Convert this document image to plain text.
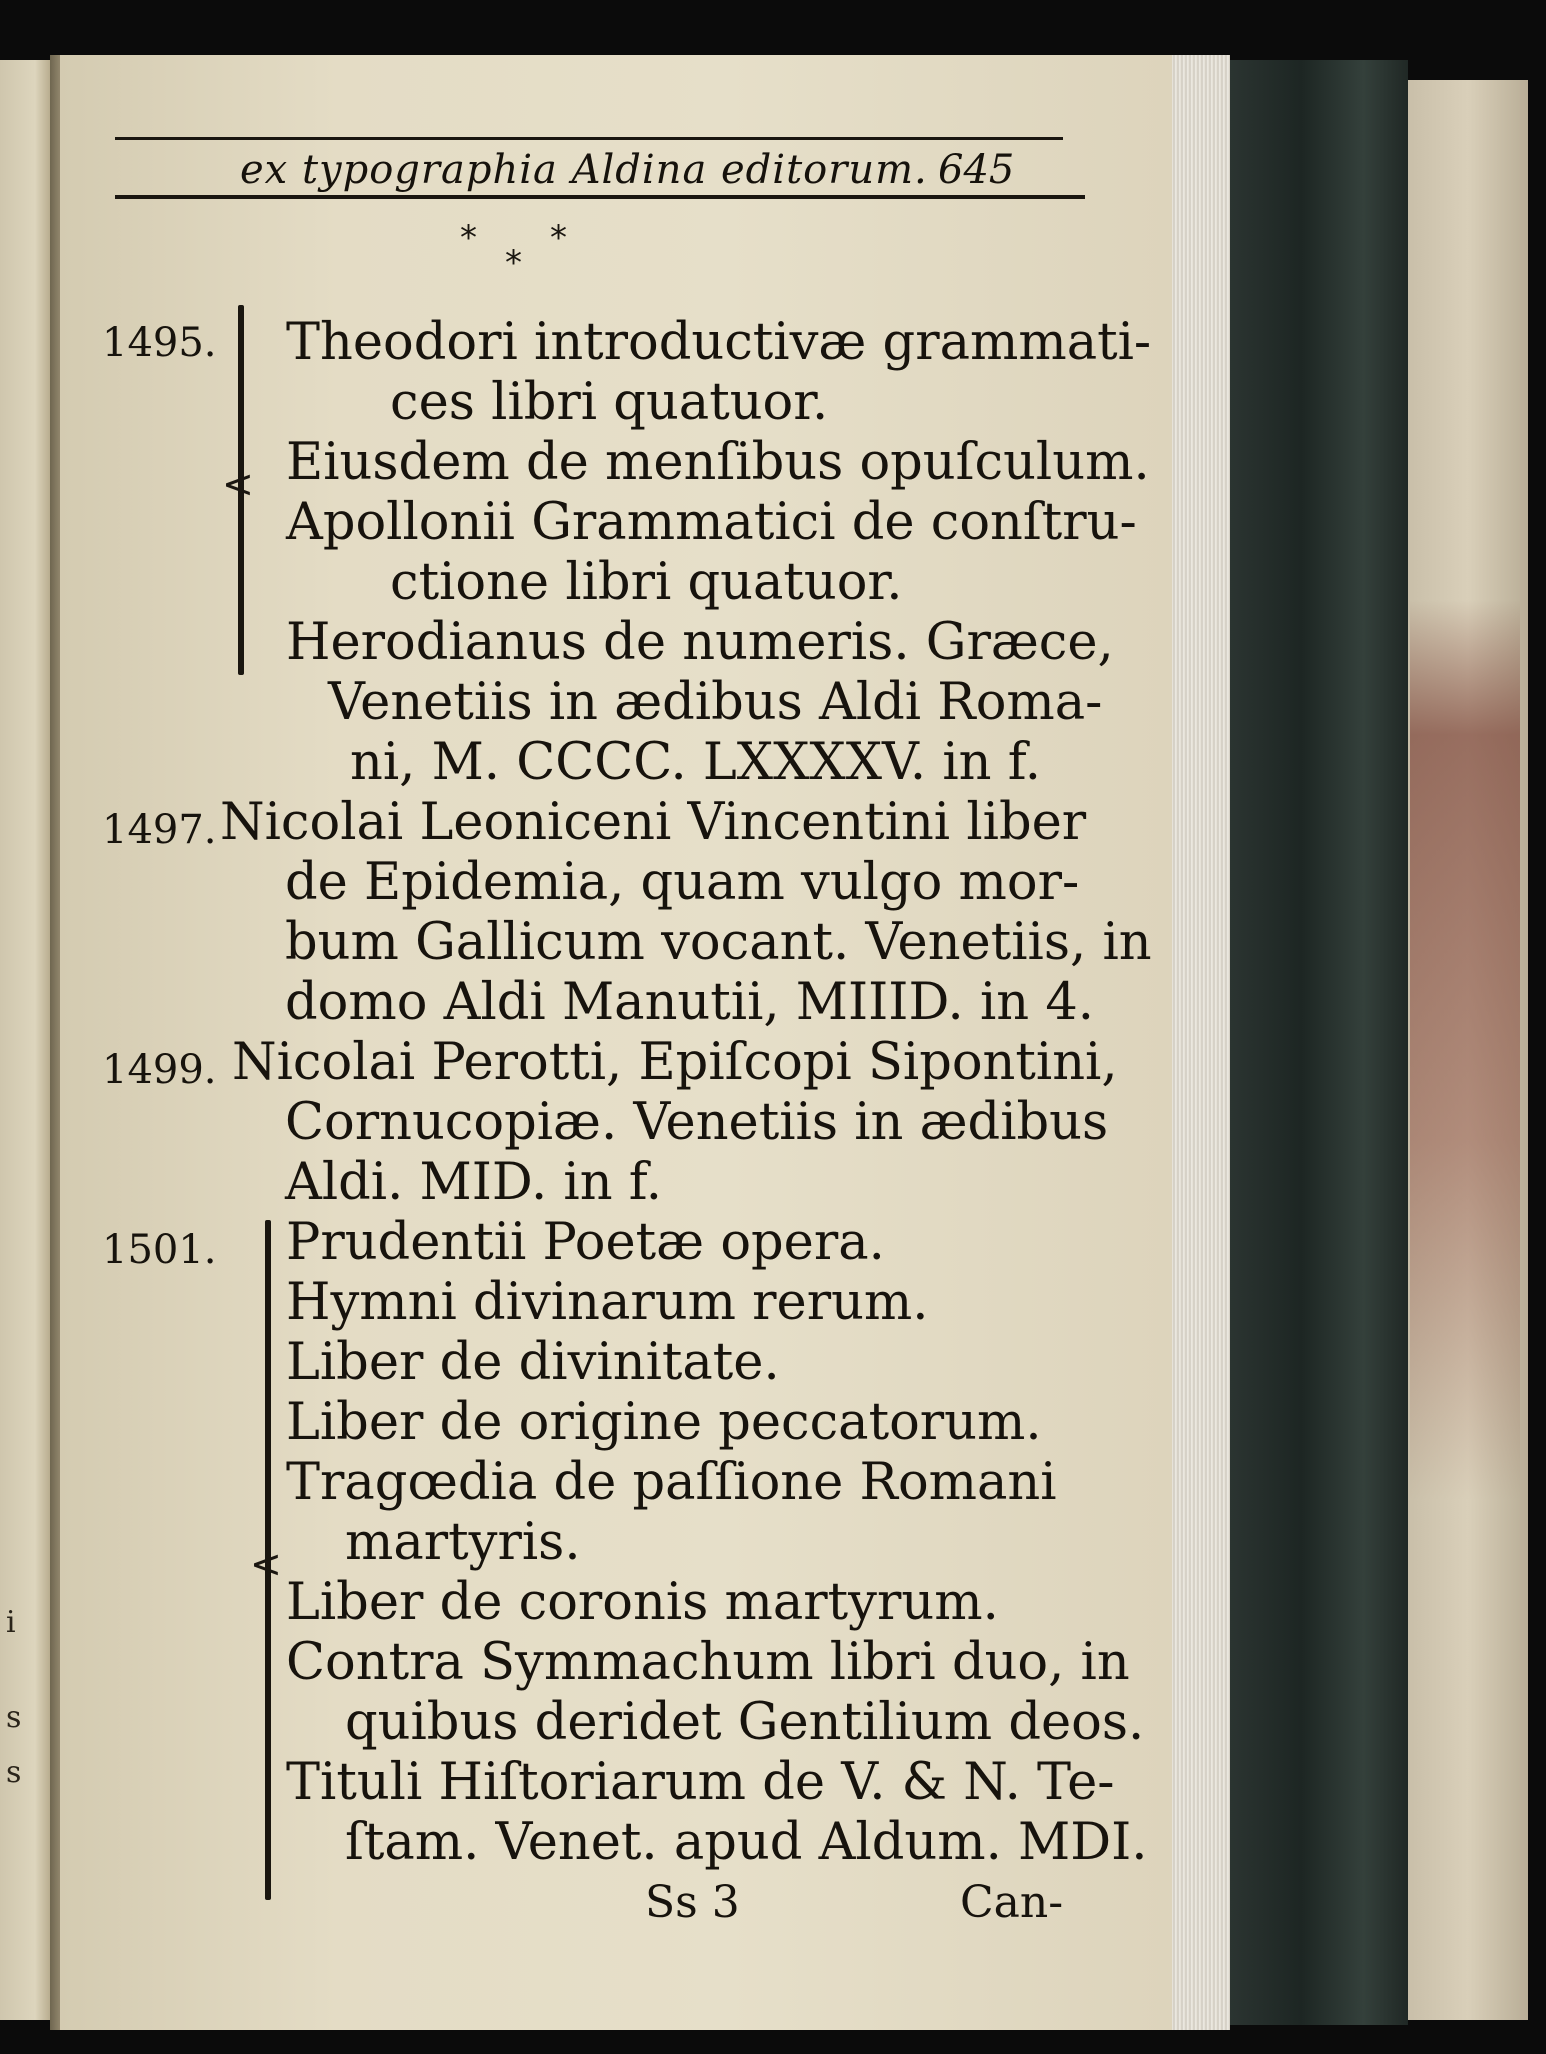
i
s
s
ex typographia Aldina editorum. 645
* *
*
1495.
<
Theodori introductivæ grammati-
ces libri quatuor.
Eiusdem de menſibus opuſculum.
Apollonii Grammatici de conſtru-
ctione libri quatuor.
Herodianus de numeris. Græce,
Venetiis in ædibus Aldi Roma-
ni, M. CCCC. LXXXXV. in f.
1497. Nicolai Leoniceni Vincentini liber
de Epidemia, quam vulgo mor-
bum Gallicum vocant. Venetiis, in
domo Aldi Manutii, MIIID. in 4.
1499. Nicolai Perotti, Epiſcopi Sipontini,
Cornucopiæ. Venetiis in ædibus
Aldi. MID. in f.
1501.
<
Prudentii Poetæ opera.
Hymni divinarum rerum.
Liber de divinitate.
Liber de origine peccatorum.
Tragœdia de paſſione Romani
martyris.
Liber de coronis martyrum.
Contra Symmachum libri duo, in
quibus deridet Gentilium deos.
Tituli Hiſtoriarum de V. & N. Te-
ſtam. Venet. apud Aldum. MDI.
Ss 3	Can-
